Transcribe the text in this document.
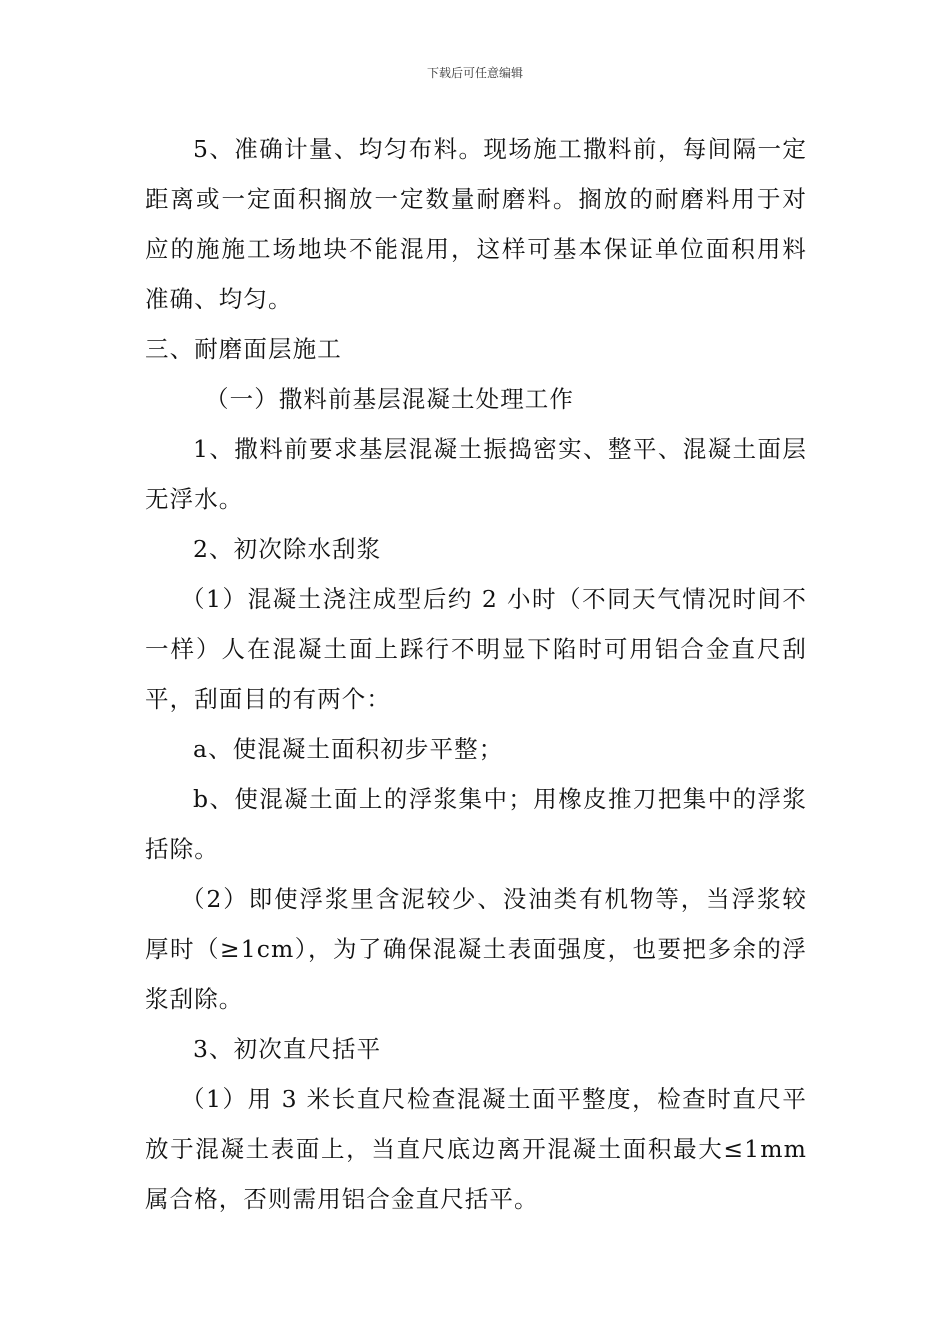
下载后可任意编辑

5、准确计量、均匀布料。现场施工撒料前，每间隔一定距离或一定面积搁放一定数量耐磨料。搁放的耐磨料用于对应的施施工场地块不能混用，这样可基本保证单位面积用料准确、均匀。

三、耐磨面层施工

（一）撒料前基层混凝土处理工作

1、撒料前要求基层混凝土振捣密实、整平、混凝土面层无浮水。

2、初次除水刮浆

（1）混凝土浇注成型后约 2 小时（不同天气情况时间不一样）人在混凝土面上踩行不明显下陷时可用铝合金直尺刮平，刮面目的有两个：

a、使混凝土面积初步平整；

b、使混凝土面上的浮浆集中；用橡皮推刀把集中的浮浆括除。

（2）即使浮浆里含泥较少、没油类有机物等，当浮浆较厚时（≥1cm），为了确保混凝土表面强度，也要把多余的浮浆刮除。

3、初次直尺括平

（1）用 3 米长直尺检查混凝土面平整度，检查时直尺平放于混凝土表面上，当直尺底边离开混凝土面积最大≤1mm 属合格，否则需用铝合金直尺括平。
